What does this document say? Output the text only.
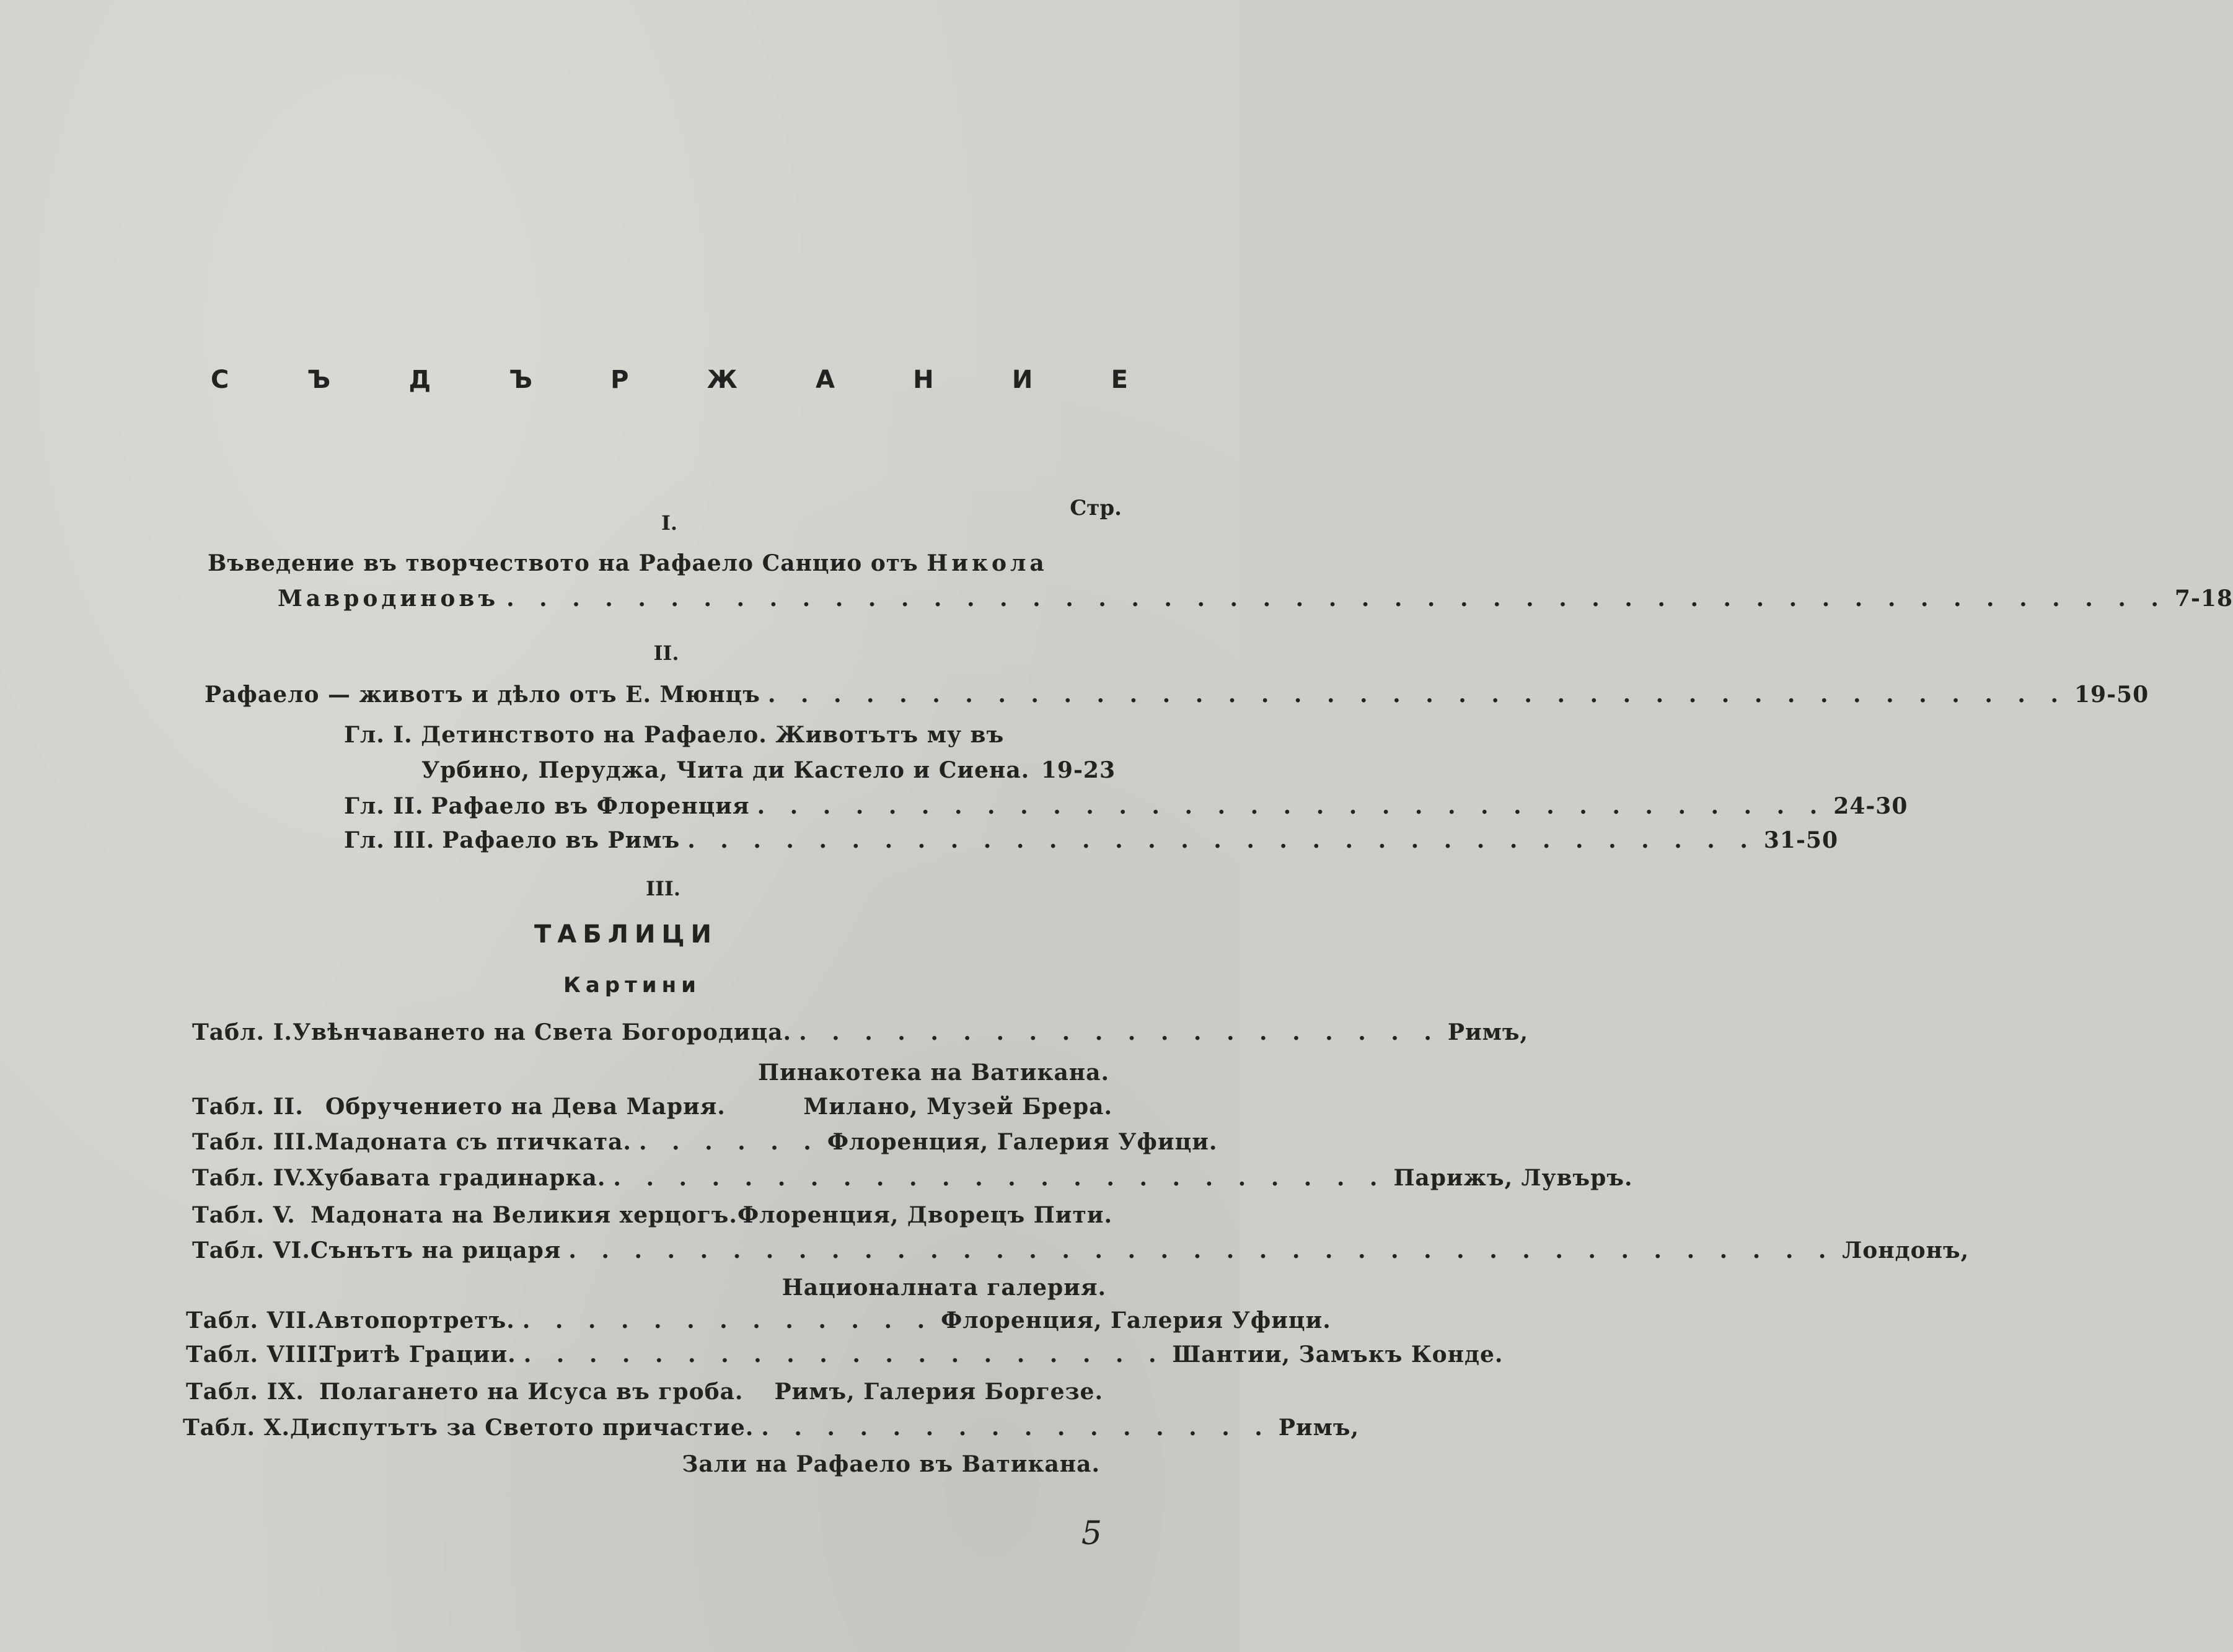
С	Ъ	Д	Ъ	Р	Ж	А	Н	И	Е
Стр.
I.
Въведение въ творчеството на Рафаело Санцио отъ Никола
Мавродиновъ . . . . . . . . . . . . . . . . . . . . . . . . . . . . . . . . . . . . . . . . . . . . . . . . . . . 7-18
II.
Рафаело — животъ и дѣло отъ Е. Мюнцъ . . . . . . . . . . . . . . . . . . . . . . . . . . . . . . . . . . . . . . . . 19-50
Гл. I. Детинството на Рафаело. Животътъ му въ
Урбино, Перуджа, Чита ди Кастело и Сиена. 19-23
Гл. II. Рафаело въ Флоренция . . . . . . . . . . . . . . . . . . . . . . . . . . . . . . . . . 24-30
Гл. III. Рафаело въ Римъ . . . . . . . . . . . . . . . . . . . . . . . . . . . . . . . . . 31-50
III.
ТАБЛИЦИ
Картини
Табл. I. Увѣнчаването на Света Богородица. . . . . . . . . . . . . . . . . . . . . Римъ,
Пинакотека на Ватикана.
Табл. II. Обручението на Дева Мария.	Милано, Музей Брера.
Табл. III. Мадоната съ птичката. . . . . . . Флоренция, Галерия Уфици.
Табл. IV. Хубавата градинарка. . . . . . . . . . . . . . . . . . . . . . . . . Парижъ, Лувъръ.
Табл. V. Мадоната на Великия херцогъ. Флоренция, Дворецъ Пити.
Табл. VI. Сънътъ на рицаря . . . . . . . . . . . . . . . . . . . . . . . . . . . . . . . . . . . . . . . Лондонъ,
Националната галерия.
Табл. VII. Автопортретъ. . . . . . . . . . . . . . Флоренция, Галерия Уфици.
Табл. VIII.
Тритѣ Грации. . . . . . . . . . . . . . . . . . . . . Шантии, Замъкъ Конде.
Табл. IX. Полагането на Исуса въ гроба. Римъ, Галерия Боргезе.
Табл. X. Диспутътъ за Светото причастие. . . . . . . . . . . . . . . . . Римъ,
Зали на Рафаело въ Ватикана.
5
